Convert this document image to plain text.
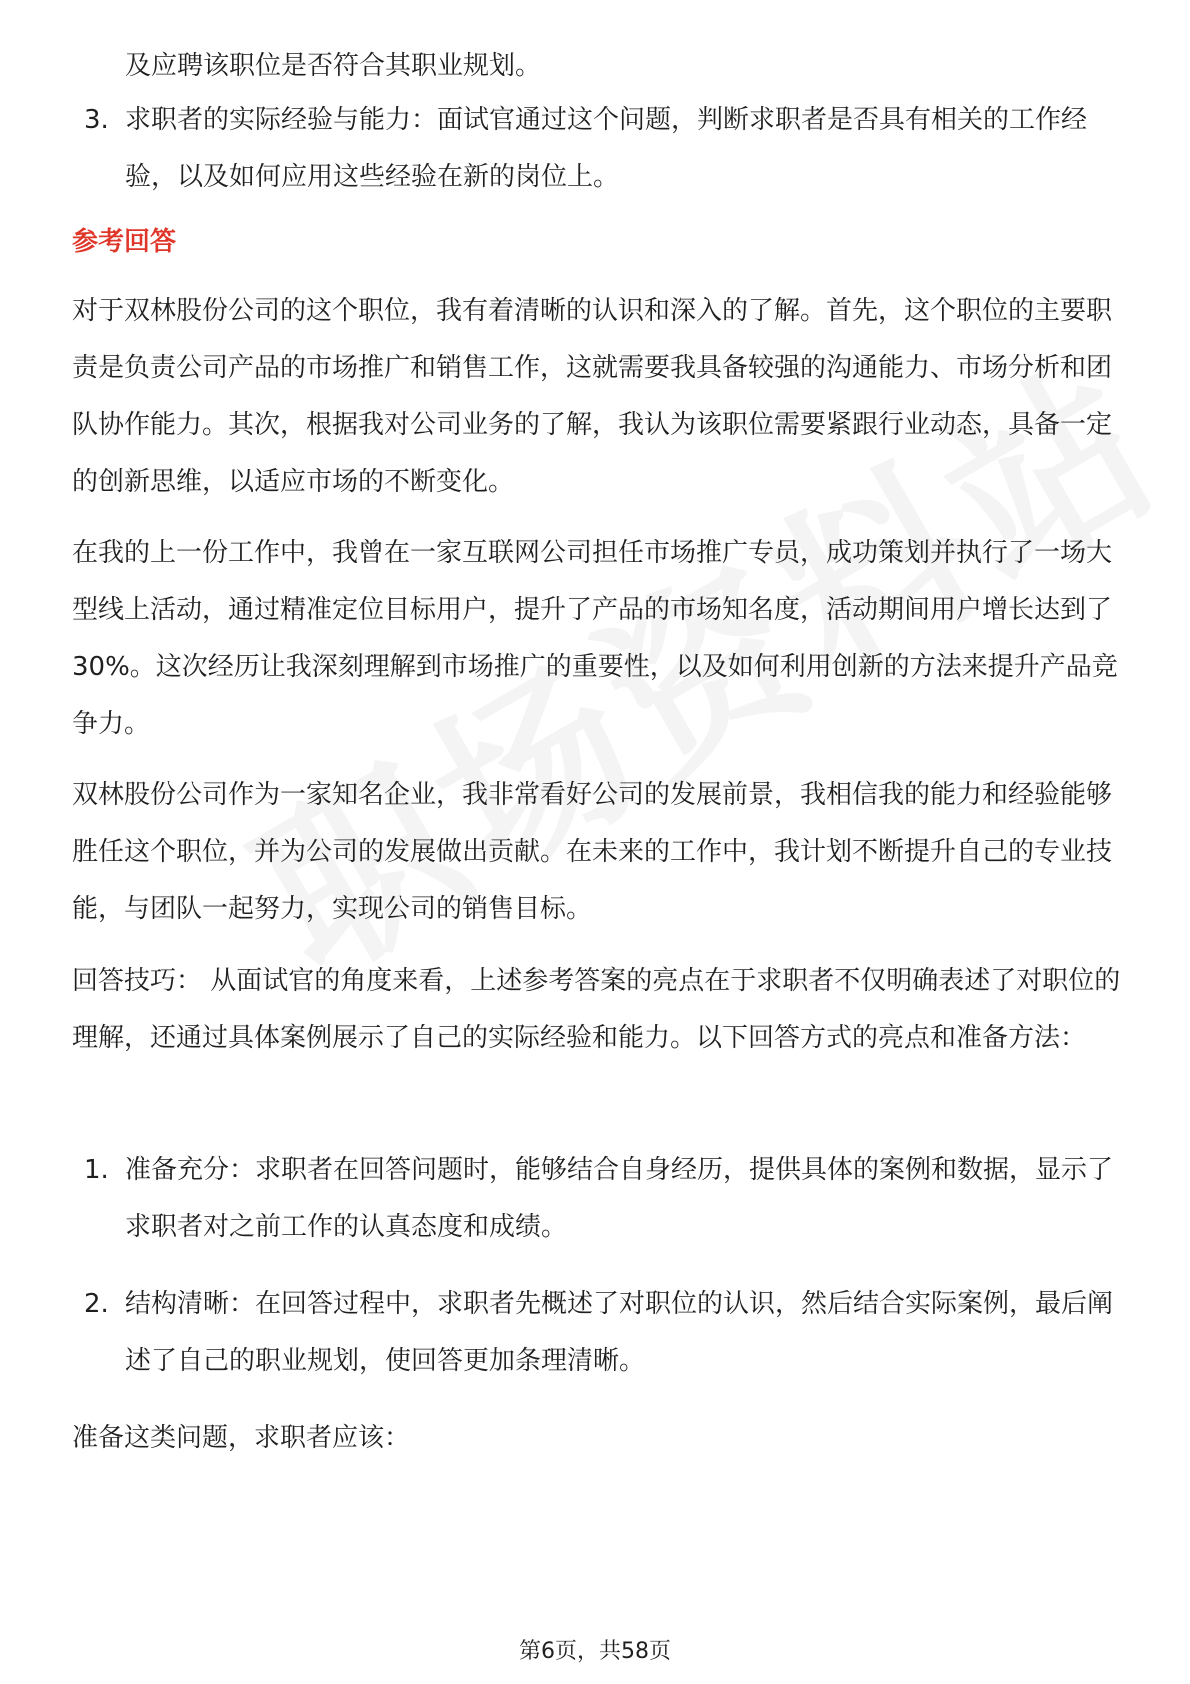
及应聘该职位是否符合其职业规划。

3. 求职者的实际经验与能力：面试官通过这个问题，判断求职者是否具有相关的工作经验，以及如何应用这些经验在新的岗位上。
参考回答

对于双林股份公司的这个职位，我有着清晰的认识和深入的了解。首先，这个职位的主要职责是负责公司产品的市场推广和销售工作，这就需要我具备较强的沟通能力、市场分析和团队协作能力。其次，根据我对公司业务的了解，我认为该职位需要紧跟行业动态，具备一定的创新思维，以适应市场的不断变化。

在我的上一份工作中，我曾在一家互联网公司担任市场推广专员，成功策划并执行了一场大型线上活动，通过精准定位目标用户，提升了产品的市场知名度，活动期间用户增长达到了30%。这次经历让我深刻理解到市场推广的重要性，以及如何利用创新的方法来提升产品竞争力。

双林股份公司作为一家知名企业，我非常看好公司的发展前景，我相信我的能力和经验能够胜任这个职位，并为公司的发展做出贡献。在未来的工作中，我计划不断提升自己的专业技能，与团队一起努力，实现公司的销售目标。

回答技巧： 从面试官的角度来看，上述参考答案的亮点在于求职者不仅明确表述了对职位的理解，还通过具体案例展示了自己的实际经验和能力。以下回答方式的亮点和准备方法：

1. 准备充分：求职者在回答问题时，能够结合自身经历，提供具体的案例和数据，显示了求职者对之前工作的认真态度和成绩。
2. 结构清晰：在回答过程中，求职者先概述了对职位的认识，然后结合实际案例，最后阐述了自己的职业规划，使回答更加条理清晰。

准备这类问题，求职者应该：

第6页，共58页
